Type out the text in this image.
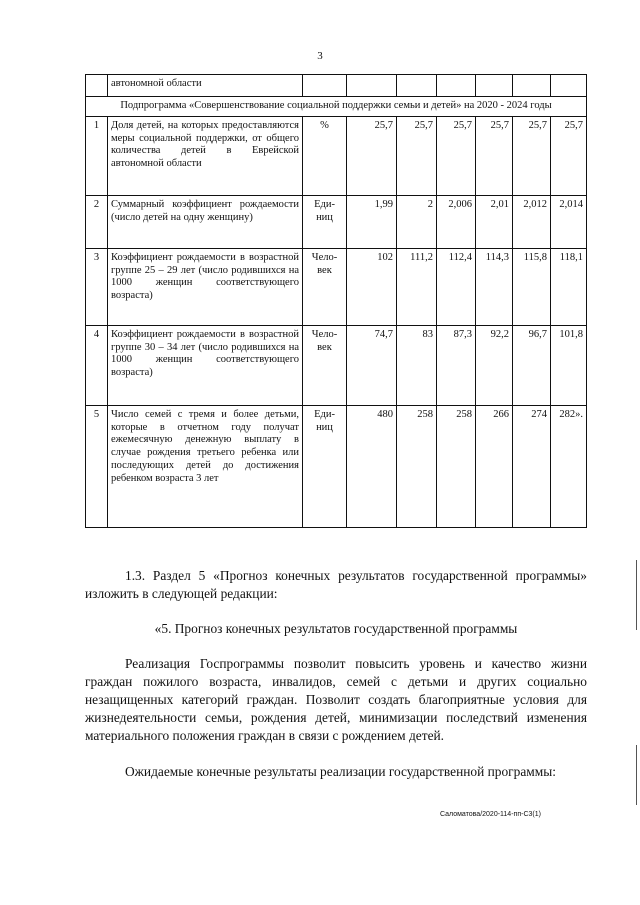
3
	автономной области							
Подпрограмма «Совершенствование социальной поддержки семьи и детей» на 2020 - 2024 годы								
1	Доля детей, на которых предоставляются меры социальной поддержки, от общего количества детей в Еврейской автономной области	%	25,7	25,7	25,7	25,7	25,7	25,7
2	Суммарный коэффициент рождаемости (число детей на одну женщину)	Еди- ниц	1,99	2	2,006	2,01	2,012	2,014
3	Коэффициент рождаемости в возрастной группе 25 – 29 лет (число родившихся на 1000 женщин соответствующего возраста)	Чело- век	102	111,2	112,4	114,3	115,8	118,1
4	Коэффициент рождаемости в возрастной группе 30 – 34 лет (число родившихся на 1000 женщин соответствующего возраста)	Чело- век	74,7	83	87,3	92,2	96,7	101,8
5	Число семей с тремя и более детьми, которые в отчетном году получат ежемесячную денежную выплату в случае рождения третьего ребенка или последующих детей до достижения ребенком возраста 3 лет	Еди- ниц	480	258	258	266	274	282».

1.3. Раздел 5 «Прогноз конечных результатов государственной программы» изложить в следующей редакции:

«5. Прогноз конечных результатов государственной программы

Реализация Госпрограммы позволит повысить уровень и качество жизни граждан пожилого возраста, инвалидов, семей с детьми и других социально незащищенных категорий граждан. Позволит создать благоприятные условия для жизнедеятельности семьи, рождения детей, минимизации последствий изменения материального положения граждан в связи с рождением детей.

Ожидаемые конечные результаты реализации государственной программы:

Саломатова/2020-114-пп-С3(1)
